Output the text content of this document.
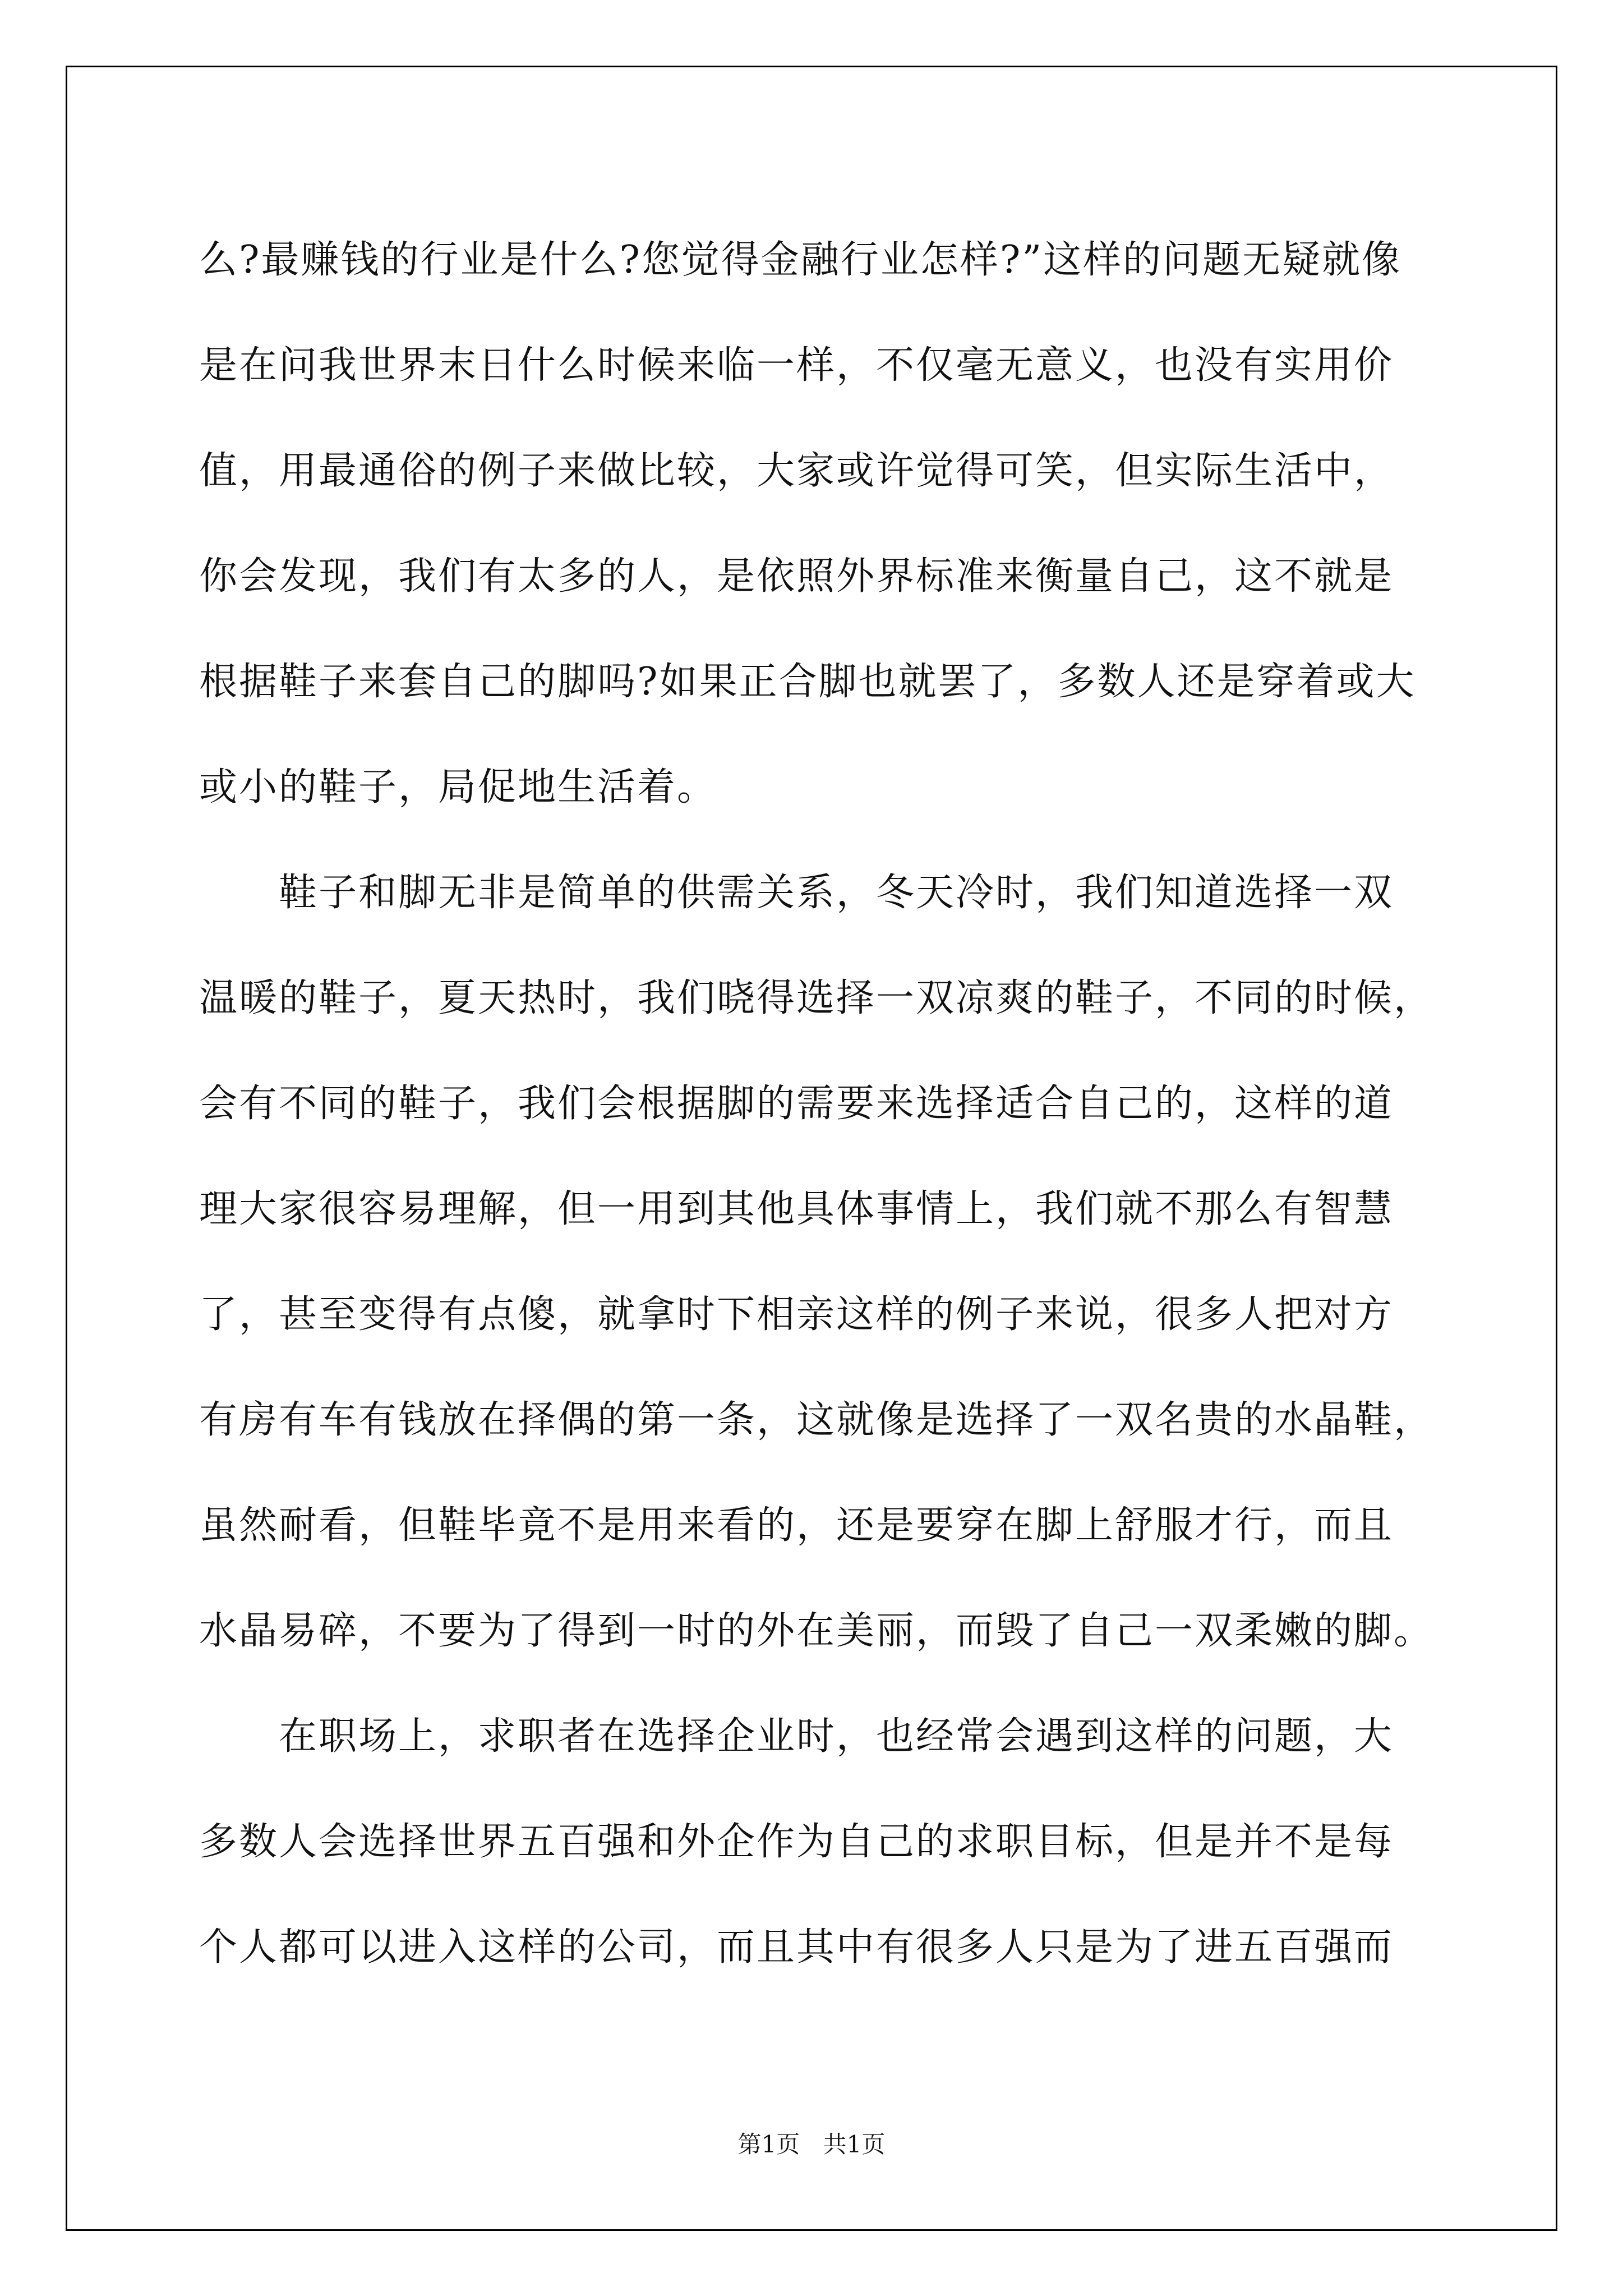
么?最赚钱的行业是什么?您觉得金融行业怎样?”这样的问题无疑就像
是在问我世界末日什么时候来临一样，不仅毫无意义，也没有实用价
值，用最通俗的例子来做比较，大家或许觉得可笑，但实际生活中，
你会发现，我们有太多的人，是依照外界标准来衡量自己，这不就是
根据鞋子来套自己的脚吗?如果正合脚也就罢了，多数人还是穿着或大
或小的鞋子，局促地生活着。
　　鞋子和脚无非是简单的供需关系，冬天冷时，我们知道选择一双
温暖的鞋子，夏天热时，我们晓得选择一双凉爽的鞋子，不同的时候，
会有不同的鞋子，我们会根据脚的需要来选择适合自己的，这样的道
理大家很容易理解，但一用到其他具体事情上，我们就不那么有智慧
了，甚至变得有点傻，就拿时下相亲这样的例子来说，很多人把对方
有房有车有钱放在择偶的第一条，这就像是选择了一双名贵的水晶鞋，
虽然耐看，但鞋毕竟不是用来看的，还是要穿在脚上舒服才行，而且
水晶易碎，不要为了得到一时的外在美丽，而毁了自己一双柔嫩的脚。
　　在职场上，求职者在选择企业时，也经常会遇到这样的问题，大
多数人会选择世界五百强和外企作为自己的求职目标，但是并不是每
个人都可以进入这样的公司，而且其中有很多人只是为了进五百强而
第1页 共1页
